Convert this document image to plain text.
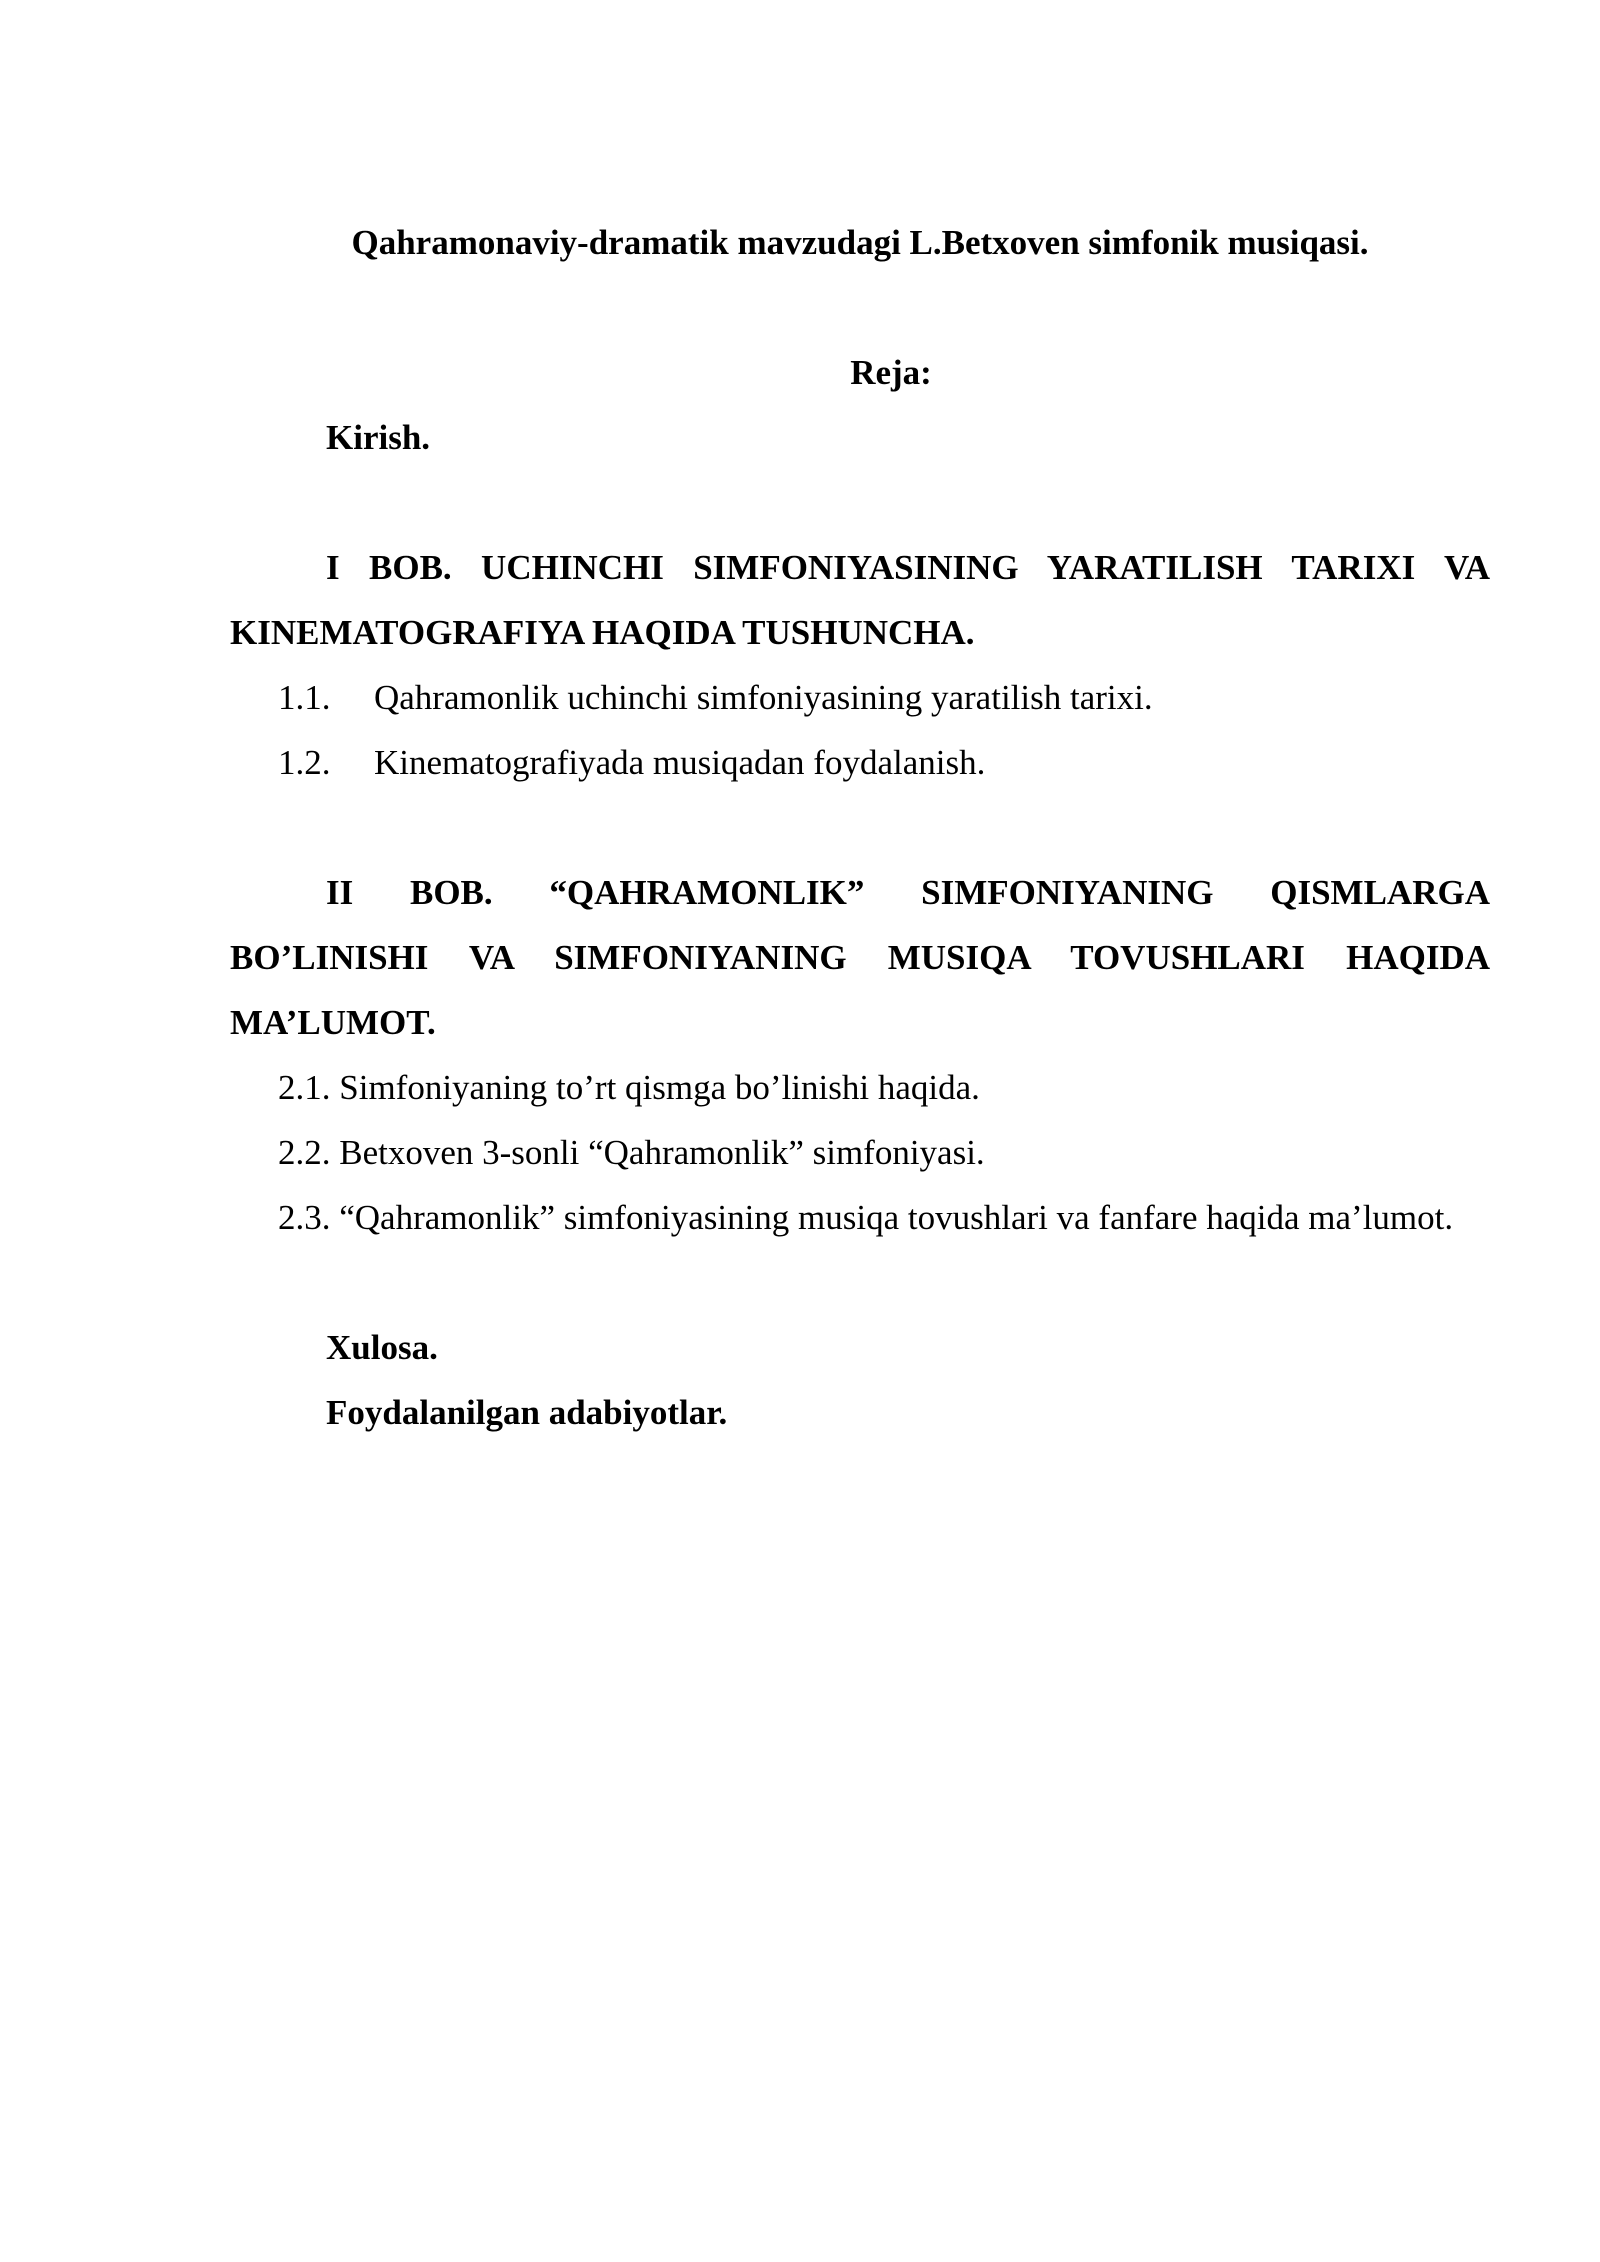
Qahramonaviy-dramatik mavzudagi L.Betxoven simfonik musiqasi.
Reja:
Kirish.

I BOB. UCHINCHI SIMFONIYASINING YARATILISH TARIXI VA KINEMATOGRAFIYA HAQIDA TUSHUNCHA.

1.1.	Qahramonlik uchinchi simfoniyasining yaratilish tarixi.
1.2.	Kinematografiyada musiqadan foydalanish.

II BOB. “QAHRAMONLIK” SIMFONIYANING QISMLARGA BO’LINISHI VA SIMFONIYANING MUSIQA TOVUSHLARI HAQIDA MA’LUMOT.

2.1. Simfoniyaning to’rt qismga bo’linishi haqida.

2.2. Betxoven 3-sonli “Qahramonlik” simfoniyasi.

2.3. “Qahramonlik” simfoniyasining musiqa tovushlari va fanfare haqida ma’lumot.

Xulosa.
Foydalanilgan adabiyotlar.
